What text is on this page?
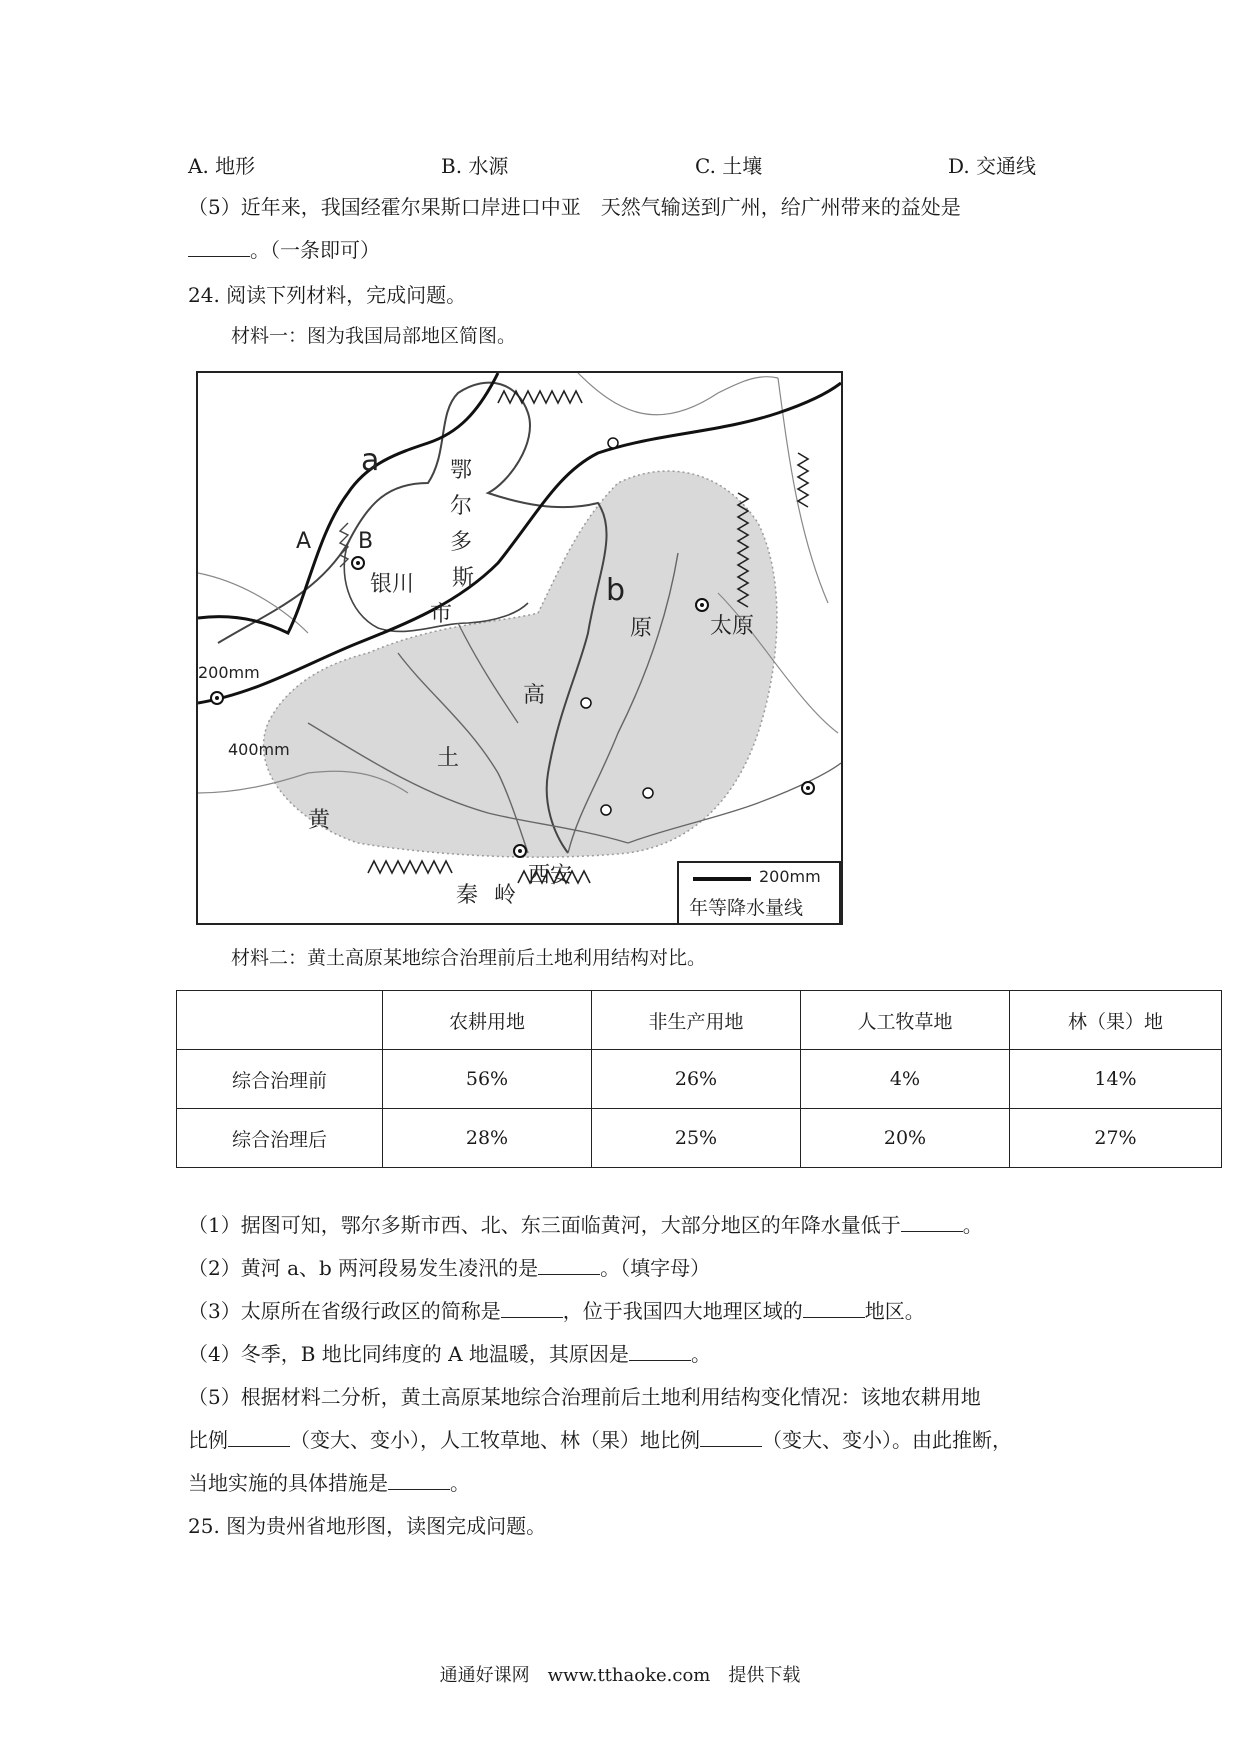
A. 地形	B. 水源	C. 土壤	D. 交通线
（5）近年来，我国经霍尔果斯口岸进口中亚　天然气输送到广州，给广州带来的益处是
。（一条即可）
24. 阅读下列材料，完成问题。
材料一：图为我国局部地区简图。
a
A B
b
鄂
尔
多
斯
市
银川
太原
西安
原
高
土
黄
秦 岭
200mm
400mm
200mm
年等降水量线
材料二：黄土高原某地综合治理前后土地利用结构对比。
	农耕用地	非生产用地	人工牧草地	林（果）地
综合治理前	56%	26%	4%	14%
综合治理后	28%	25%	20%	27%
（1）据图可知，鄂尔多斯市西、北、东三面临黄河，大部分地区的年降水量低于	。
（2）黄河 a、b 两河段易发生凌汛的是	。（填字母）
（3）太原所在省级行政区的简称是	，位于我国四大地理区域的	地区。
（4）冬季，B 地比同纬度的 A 地温暖，其原因是	。
（5）根据材料二分析，黄土高原某地综合治理前后土地利用结构变化情况：该地农耕用地
比例	（变大、变小），人工牧草地、林（果）地比例	（变大、变小）。由此推断，
当地实施的具体措施是	。
25. 图为贵州省地形图，读图完成问题。
通通好课网　www.tthaoke.com　提供下载
